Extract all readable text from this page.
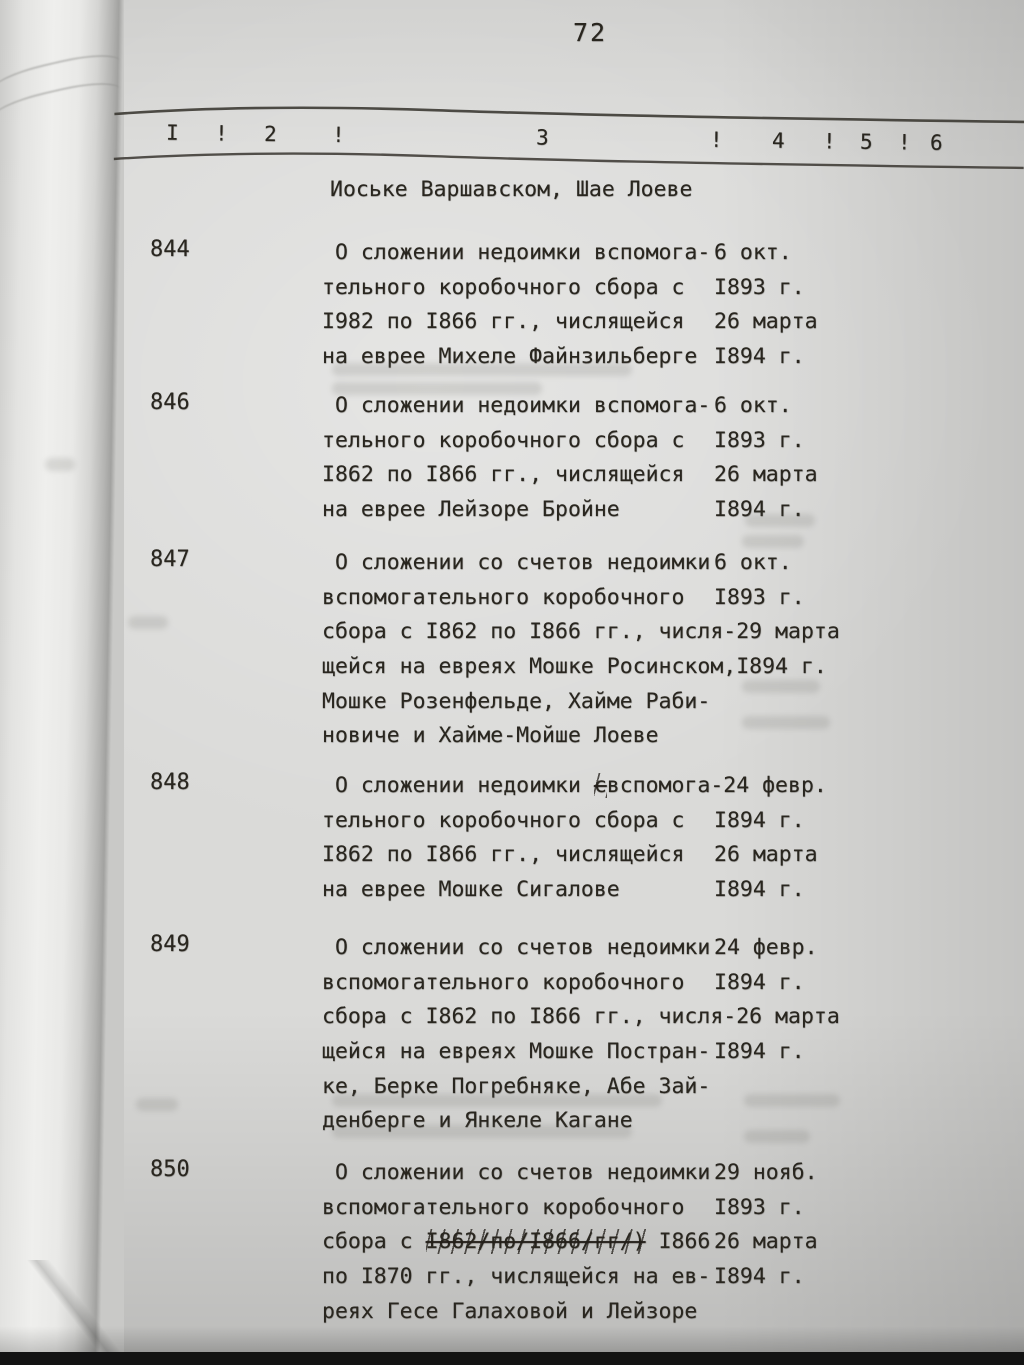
72
I ! 2	!	3	! 4 ! 5 ! 6
Иоське Варшавском, Шае Лоеве
844	О сложении недоимки вспомога- 6 окт.
тельного коробочного сбора с	I893 г.
I982 по I866 гг., числящейся	26 марта
на еврее Михеле Файнзильберге I894 г.
846	О сложении недоимки вспомога- 6 окт.
тельного коробочного сбора с	I893 г.
I862 по I866 гг., числящейся	26 марта
на еврее Лейзоре Бройне	I894 г.
847	О сложении со счетов недоимки 6 окт.
вспомогательного коробочного	I893 г.
сбора с I862 по I866 гг., числя- 29 марта
щейся на евреях Мошке Росинском, I894 г.
Мошке Розенфельде, Хайме Раби-
новиче и Хайме-Мойше Лоеве
848	О сложении недоимки свспомога- 24 февр.
тельного коробочного сбора с	I894 г.
I862 по I866 гг., числящейся	26 марта
на еврее Мошке Сигалове	I894 г.
849	О сложении со счетов недоимки 24 февр.
вспомогательного коробочного	I894 г.
сбора с I862 по I866 гг., числя- 26 марта
щейся на евреях Мошке Постран- I894 г.
ке, Берке Погребняке, Абе Зай-
денберге и Янкеле Кагане
850	О сложении со счетов недоимки 29 нояб.
вспомогательного коробочного	I893 г.
сбора с I862/по/I866/гг/) I866 26 марта
по I870 гг., числящейся на ев- I894 г.
реях Гесе Галаховой и Лейзоре
